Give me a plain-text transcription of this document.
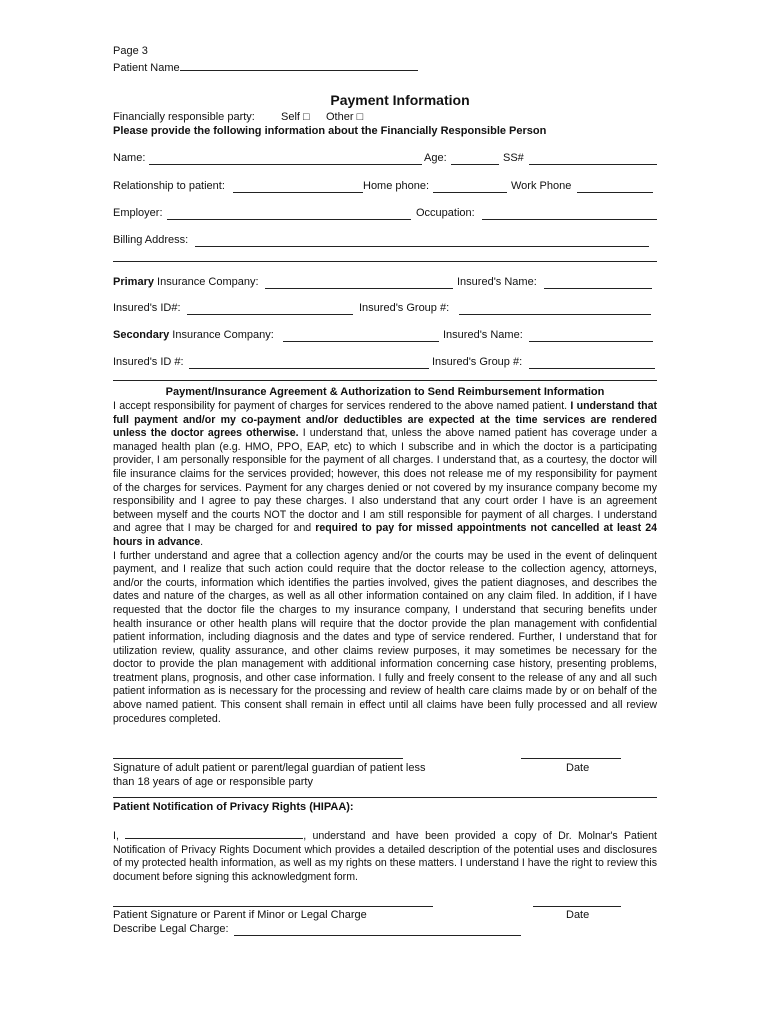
Page 3
Patient Name
Payment Information
Financially responsible party: Self □ Other □
Please provide the following information about the Financially Responsible Person
Name:	Age:	SS#
Relationship to patient:	Home phone:	Work Phone
Employer:	Occupation:
Billing Address:
Primary Insurance Company:	Insured's Name:
Insured's ID#:	Insured's Group #:
Secondary Insurance Company:	Insured's Name:
Insured's ID #:	Insured's Group #:
Payment/Insurance Agreement & Authorization to Send Reimbursement Information
I accept responsibility for payment of charges for services rendered to the above named patient. I understand that full payment and/or my co-payment and/or deductibles are expected at the time services are rendered unless the doctor agrees otherwise. I understand that, unless the above named patient has coverage under a managed health plan (e.g. HMO, PPO, EAP, etc) to which I subscribe and in which the doctor is a participating provider, I am personally responsible for the payment of all charges. I understand that, as a courtesy, the doctor will file insurance claims for the services provided; however, this does not release me of my responsibility for payment of the charges for services. Payment for any charges denied or not covered by my insurance company become my responsibility and I agree to pay these charges. I also understand that any court order I have is an agreement between myself and the courts NOT the doctor and I am still responsible for payment of all charges. I understand and agree that I may be charged for and required to pay for missed appointments not cancelled at least 24 hours in advance.
I further understand and agree that a collection agency and/or the courts may be used in the event of delinquent payment, and I realize that such action could require that the doctor release to the collection agency, attorneys, and/or the courts, information which identifies the parties involved, gives the patient diagnoses, and describes the dates and nature of the charges, as well as all other information contained on any claim filed. In addition, if I have requested that the doctor file the charges to my insurance company, I understand that securing benefits under health insurance or other health plans will require that the doctor provide the plan management with confidential patient information, including diagnosis and the dates and type of service rendered. Further, I understand that for utilization review, quality assurance, and other claims review purposes, it may sometimes be necessary for the doctor to provide the plan management with additional information concerning case history, presenting problems, treatment plans, prognosis, and other case information. I fully and freely consent to the release of any and all such patient information as is necessary for the processing and review of health care claims made by or on behalf of the above named patient. This consent shall remain in effect until all claims have been fully processed and all review procedures completed.
Signature of adult patient or parent/legal guardian of patient less
than 18 years of age or responsible party
Date
Patient Notification of Privacy Rights (HIPAA):
I,	, understand and have been provided a copy of Dr. Molnar's Patient Notification of Privacy Rights Document which provides a detailed description of the potential uses and disclosures of my protected health information, as well as my rights on these matters. I understand I have the right to review this document before signing this acknowledgment form.
Patient Signature or Parent if Minor or Legal Charge	Date
Describe Legal Charge:
